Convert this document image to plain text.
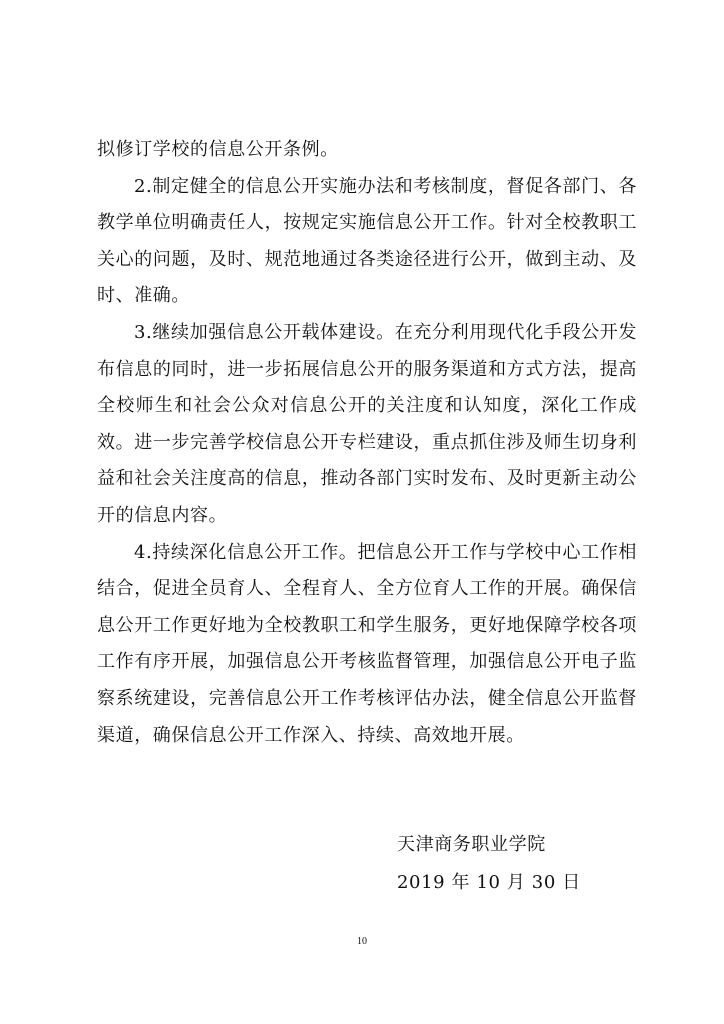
拟修订学校的信息公开条例。

2.制定健全的信息公开实施办法和考核制度，督促各部门、各教学单位明确责任人，按规定实施信息公开工作。针对全校教职工关心的问题，及时、规范地通过各类途径进行公开，做到主动、及时、准确。

3.继续加强信息公开载体建设。在充分利用现代化手段公开发布信息的同时，进一步拓展信息公开的服务渠道和方式方法，提高全校师生和社会公众对信息公开的关注度和认知度，深化工作成效。进一步完善学校信息公开专栏建设，重点抓住涉及师生切身利益和社会关注度高的信息，推动各部门实时发布、及时更新主动公开的信息内容。

4.持续深化信息公开工作。把信息公开工作与学校中心工作相结合，促进全员育人、全程育人、全方位育人工作的开展。确保信息公开工作更好地为全校教职工和学生服务，更好地保障学校各项工作有序开展，加强信息公开考核监督管理，加强信息公开电子监察系统建设，完善信息公开工作考核评估办法，健全信息公开监督渠道，确保信息公开工作深入、持续、高效地开展。

天津商务职业学院
2019 年 10 月 30 日
10
